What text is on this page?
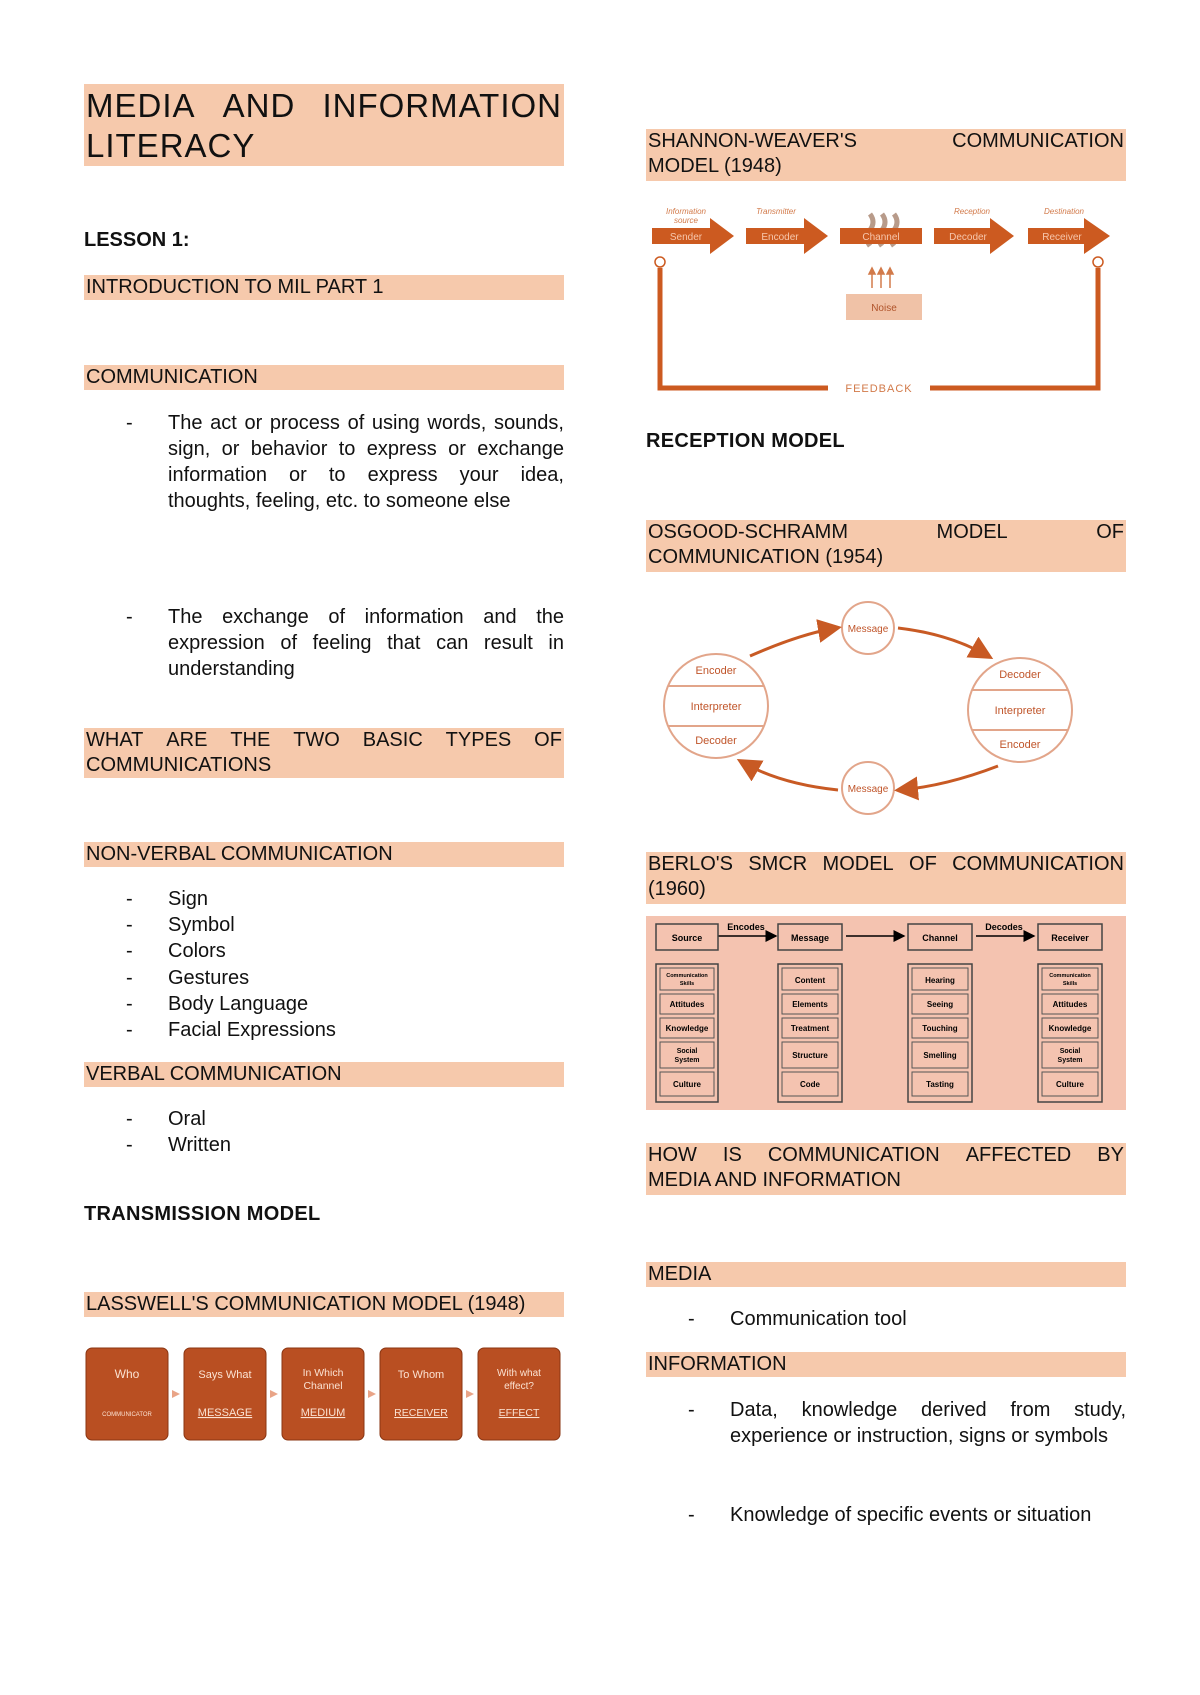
MEDIA AND INFORMATION
LITERACY
LESSON 1:
INTRODUCTION TO MIL PART 1
COMMUNICATION
- The act or process of using words, sounds, sign, or behavior to express or exchange information or to express your idea, thoughts, feeling, etc. to someone else
- The exchange of information and the expression of feeling that can result in understanding
WHAT ARE THE TWO BASIC TYPES OF
COMMUNICATIONS
NON-VERBAL COMMUNICATION
- Sign
- Symbol
- Colors
- Gestures
- Body Language
- Facial Expressions
VERBAL COMMUNICATION
- Oral
- Written
TRANSMISSION MODEL
LASSWELL'S COMMUNICATION MODEL (1948)
Who
COMMUNICATOR
Says What
MESSAGE
In Which Channel
MEDIUM
To Whom
RECEIVER
With what effect?
EFFECT
SHANNON-WEAVER'S	COMMUNICATION
MODEL (1948)
Information
source
Transmitter	Reception	Destination
Sender	Encoder	Channel	Decoder	Receiver
Noise
FEEDBACK
RECEPTION MODEL
OSGOOD-SCHRAMM	MODEL	OF
COMMUNICATION (1954)
Message
Message
Encoder
Interpreter
Decoder
Decoder
Interpreter
Encoder
BERLO'S SMCR MODEL OF COMMUNICATION
(1960)
Encodes	Decodes
Source
Communication
Skills
Attitudes
Knowledge
Social
System
Culture
Message
Content
Elements
Treatment
Structure
Code
Channel
Hearing
Seeing
Touching
Smelling
Tasting
Receiver
Communication
Skills
Attitudes
Knowledge
Social
System
Culture
HOW IS COMMUNICATION AFFECTED BY
MEDIA AND INFORMATION
MEDIA
- Communication tool
INFORMATION
- Data, knowledge derived from study, experience or instruction, signs or symbols
- Knowledge of specific events or situation
